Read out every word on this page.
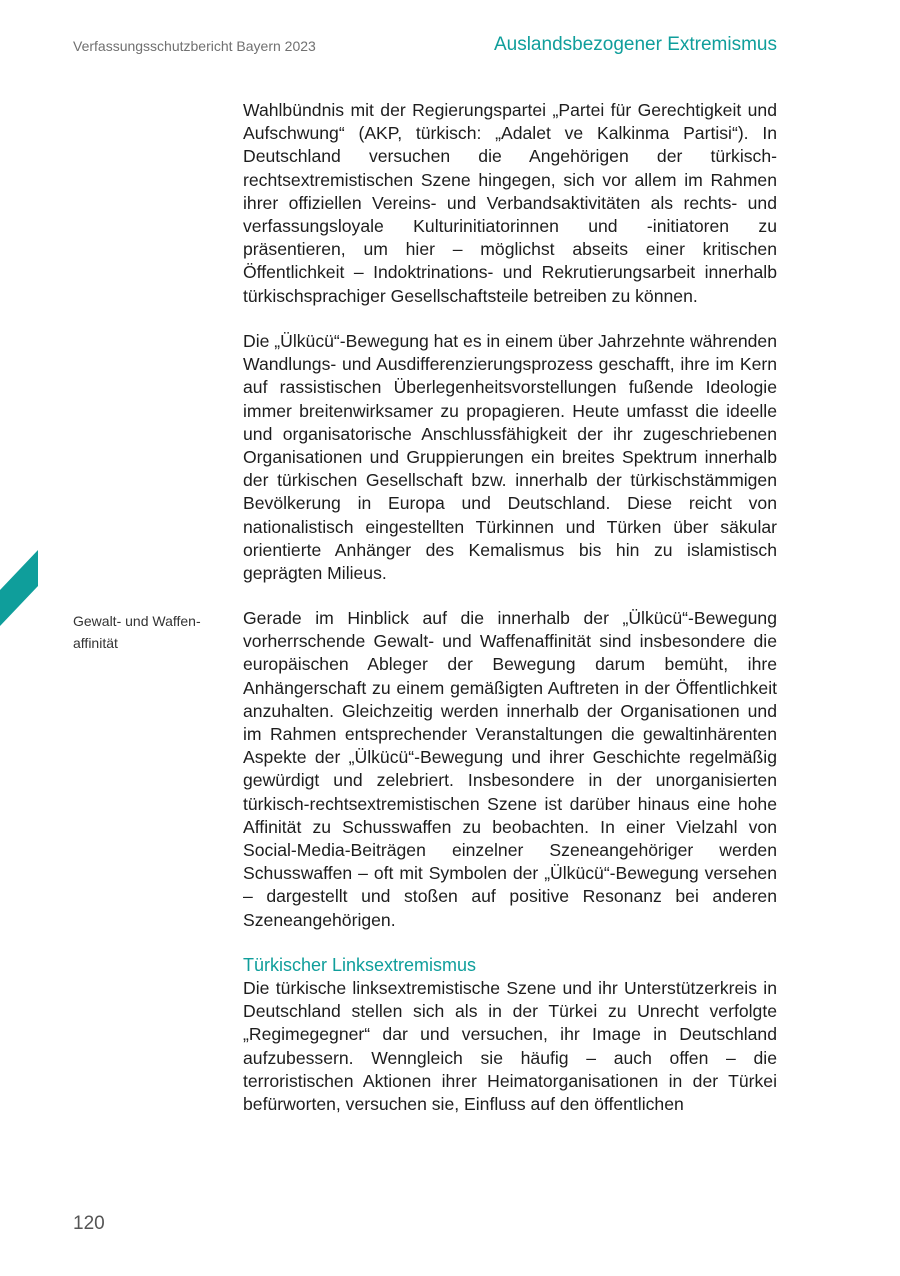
Verfassungsschutzbericht Bayern 2023	Auslandsbezogener Extremismus

Wahlbündnis mit der Regierungspartei „Partei für Gerechtigkeit und Aufschwung“ (AKP, türkisch: „Adalet ve Kalkinma Partisi“). In Deutschland versuchen die Angehörigen der türkisch-rechtsextremistischen Szene hingegen, sich vor allem im Rahmen ihrer offiziellen Vereins- und Verbandsaktivitäten als rechts- und verfassungsloyale Kulturinitiatorinnen und -initiatoren zu präsentieren, um hier – möglichst abseits einer kritischen Öffentlichkeit – Indoktrinations- und Rekrutierungsarbeit innerhalb türkischsprachiger Gesellschaftsteile betreiben zu können.

Die „Ülkücü“-Bewegung hat es in einem über Jahrzehnte währenden Wandlungs- und Ausdifferenzierungsprozess geschafft, ihre im Kern auf rassistischen Überlegenheitsvorstellungen fußende Ideologie immer breitenwirksamer zu propagieren. Heute umfasst die ideelle und organisatorische Anschlussfähigkeit der ihr zugeschriebenen Organisationen und Gruppierungen ein breites Spektrum innerhalb der türkischen Gesellschaft bzw. innerhalb der türkischstämmigen Bevölkerung in Europa und Deutschland. Diese reicht von nationalistisch eingestellten Türkinnen und Türken über säkular orientierte Anhänger des Kemalismus bis hin zu islamistisch geprägten Milieus.

Gewalt- und Waffen-
affinität

Gerade im Hinblick auf die innerhalb der „Ülkücü“-Bewegung vorherrschende Gewalt- und Waffenaffinität sind insbesondere die europäischen Ableger der Bewegung darum bemüht, ihre Anhängerschaft zu einem gemäßigten Auftreten in der Öffentlichkeit anzuhalten. Gleichzeitig werden innerhalb der Organisationen und im Rahmen entsprechender Veranstaltungen die gewaltinhärenten Aspekte der „Ülkücü“-Bewegung und ihrer Geschichte regelmäßig gewürdigt und zelebriert. Insbesondere in der unorganisierten türkisch-rechtsextremistischen Szene ist darüber hinaus eine hohe Affinität zu Schusswaffen zu beobachten. In einer Vielzahl von Social-Media-Beiträgen einzelner Szeneangehöriger werden Schusswaffen – oft mit Symbolen der „Ülkücü“-Bewegung versehen – dargestellt und stoßen auf positive Resonanz bei anderen Szeneangehörigen.

Türkischer Linksextremismus

Die türkische linksextremistische Szene und ihr Unterstützerkreis in Deutschland stellen sich als in der Türkei zu Unrecht verfolgte „Regimegegner“ dar und versuchen, ihr Image in Deutschland aufzubessern. Wenngleich sie häufig – auch offen – die terroristischen Aktionen ihrer Heimatorganisationen in der Türkei befürworten, versuchen sie, Einfluss auf den öffentlichen

120
